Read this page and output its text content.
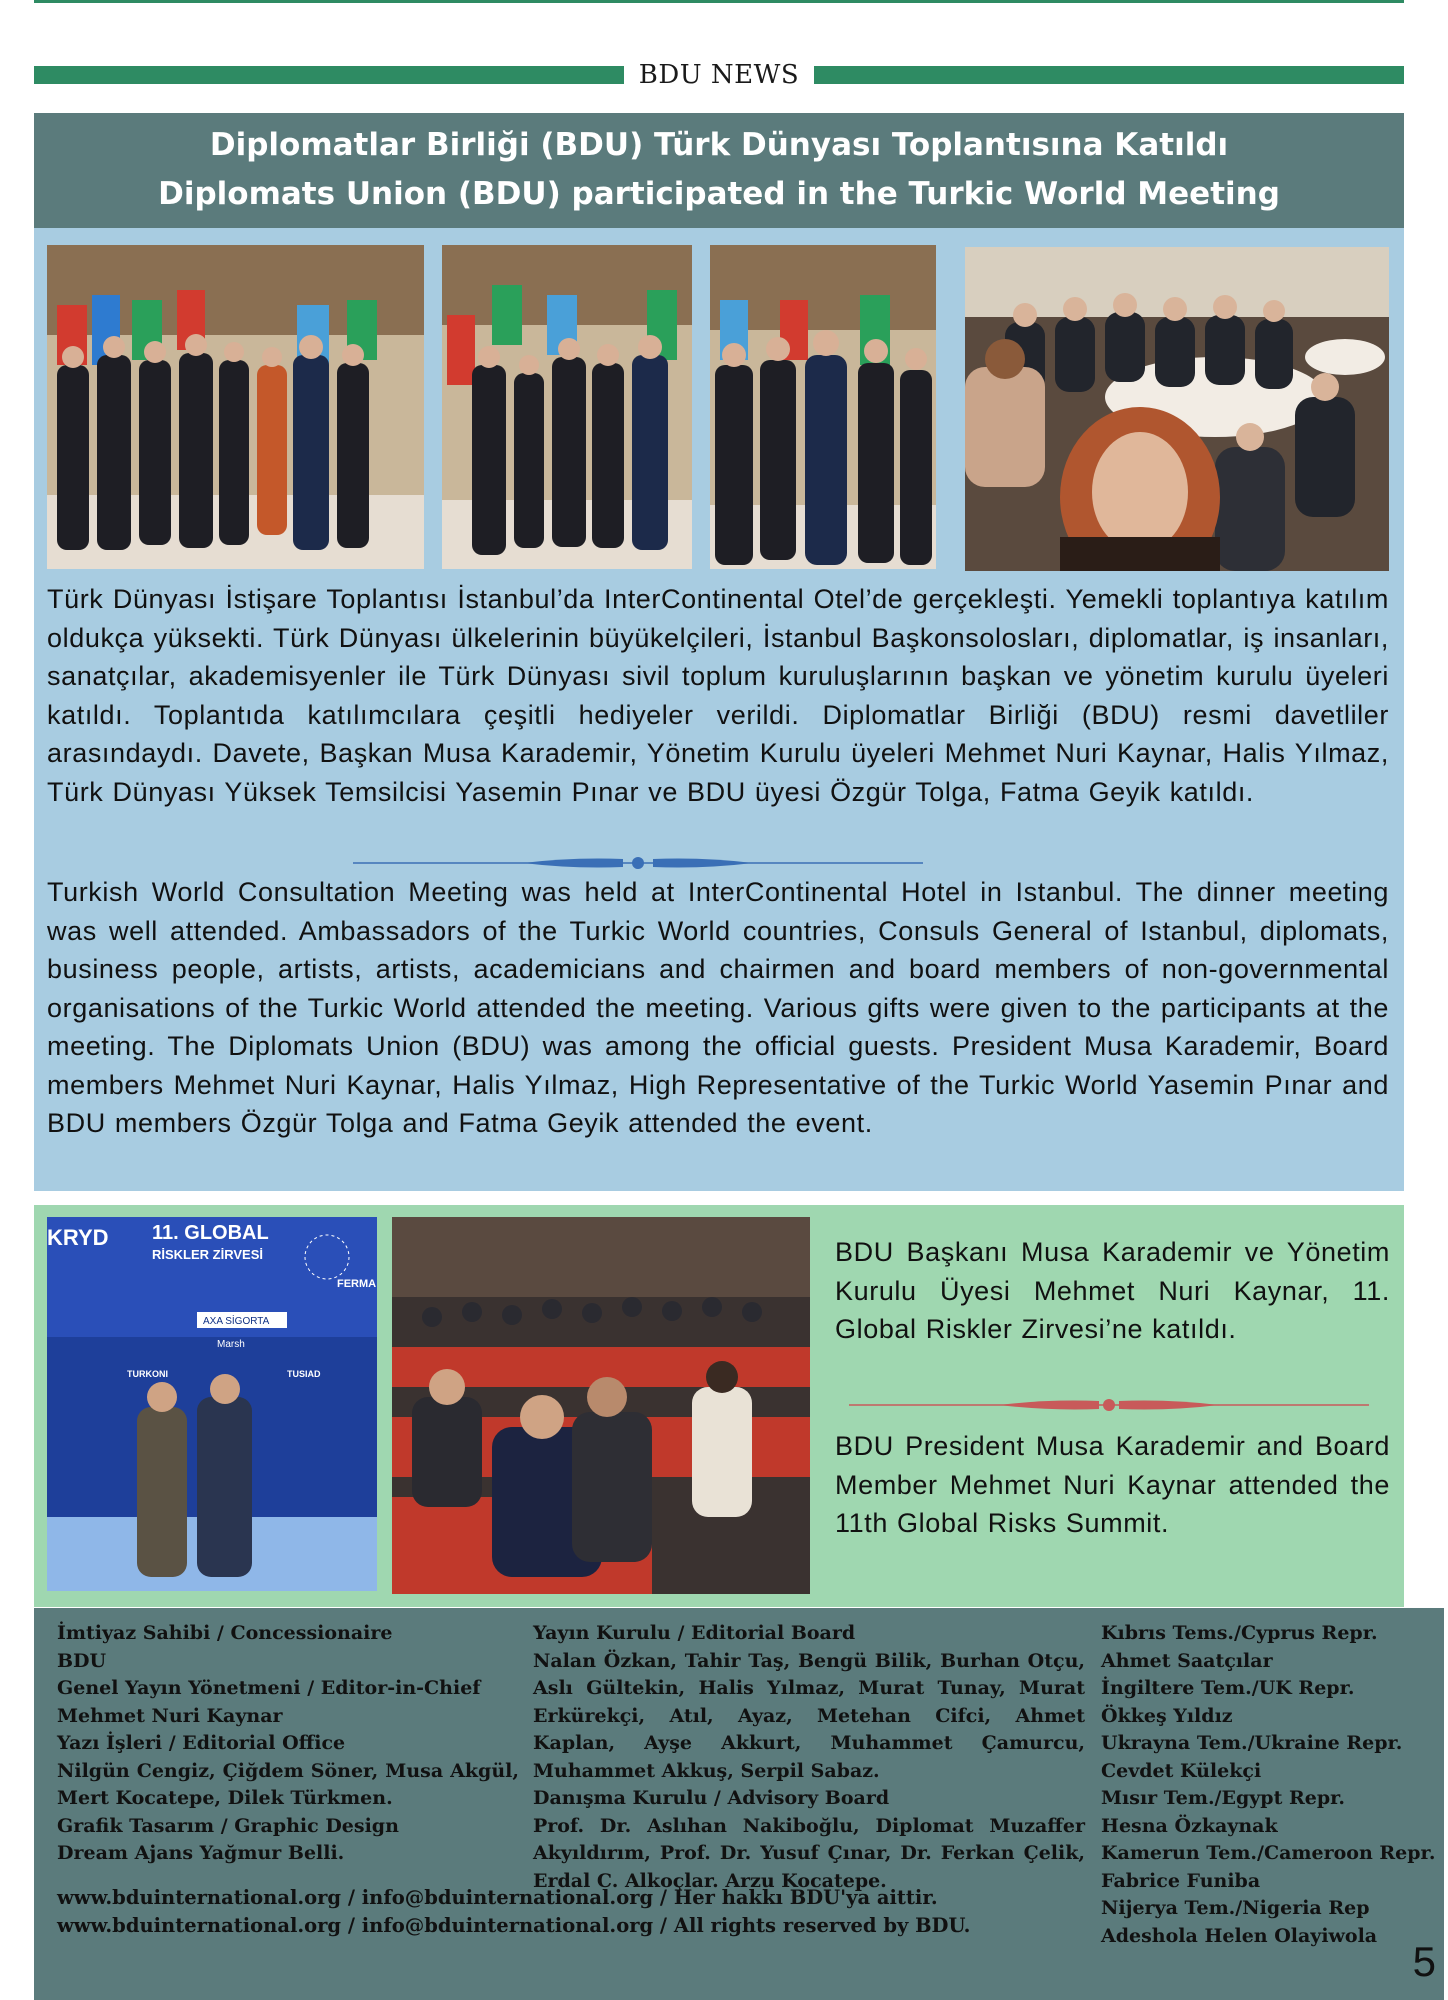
BDU NEWS
Diplomatlar Birliği (BDU) Türk Dünyası Toplantısına Katıldı
Diplomats Union (BDU) participated in the Turkic World Meeting
Türk Dünyası İstişare Toplantısı İstanbul’da InterContinental Otel’de gerçekleşti. Yemekli toplantıya katılım oldukça yüksekti. Türk Dünyası ülkelerinin büyükelçileri, İstanbul Başkonsolosları, diplomatlar, iş insanları, sanatçılar, akademisyenler ile Türk Dünyası sivil toplum kuruluşlarının başkan ve yönetim kurulu üyeleri katıldı. Toplantıda katılımcılara çeşitli hediyeler verildi. Diplomatlar Birliği (BDU) resmi davetliler arasındaydı. Davete, Başkan Musa Karademir, Yönetim Kurulu üyeleri Mehmet Nuri Kaynar, Halis Yılmaz, Türk Dünyası Yüksek Temsilcisi Yasemin Pınar ve BDU üyesi Özgür Tolga, Fatma Geyik katıldı.
Turkish World Consultation Meeting was held at InterContinental Hotel in Istanbul. The dinner meeting was well attended. Ambassadors of the Turkic World countries, Consuls General of Istanbul, diplomats, business people, artists, artists, academicians and chairmen and board members of non-governmental organisations of the Turkic World attended the meeting. Various gifts were given to the participants at the meeting. The Diplomats Union (BDU) was among the official guests. President Musa Karademir, Board members Mehmet Nuri Kaynar, Halis Yılmaz, High Representative of the Turkic World Yasemin Pınar and BDU members Özgür Tolga and Fatma Geyik attended the event.
KRYD 11. GLOBAL
RİSKLER ZİRVESİ
FERMA
AXA SİGORTA
Marsh
TURKONI	TUSIAD
BDU Başkanı Musa Karademir ve Yönetim Kurulu Üyesi Mehmet Nuri Kaynar, 11. Global Riskler Zirvesi’ne katıldı.
BDU President Musa Karademir and Board Member Mehmet Nuri Kaynar attended the 11th Global Risks Summit.
İmtiyaz Sahibi / Concessionaire
BDU
Genel Yayın Yönetmeni / Editor-in-Chief
Mehmet Nuri Kaynar
Yazı İşleri / Editorial Office
Nilgün Cengiz, Çiğdem Söner, Musa Akgül, Mert Kocatepe, Dilek Türkmen.
Grafik Tasarım / Graphic Design
Dream Ajans Yağmur Belli.
Yayın Kurulu / Editorial Board
Nalan Özkan, Tahir Taş, Bengü Bilik, Burhan Otçu, Aslı Gültekin, Halis Yılmaz, Murat Tunay, Murat Erkürekçi, Atıl, Ayaz, Metehan Cifci, Ahmet Kaplan, Ayşe Akkurt, Muhammet Çamurcu, Muhammet Akkuş, Serpil Sabaz.
Danışma Kurulu / Advisory Board
Prof. Dr. Aslıhan Nakiboğlu, Diplomat Muzaffer Akyıldırım, Prof. Dr. Yusuf Çınar, Dr. Ferkan Çelik, Erdal C. Alkoçlar. Arzu Kocatepe.
Kıbrıs Tems./Cyprus Repr.
Ahmet Saatçılar
İngiltere Tem./UK Repr.
Ökkeş Yıldız
Ukrayna Tem./Ukraine Repr.
Cevdet Külekçi
Mısır Tem./Egypt Repr.
Hesna Özkaynak
Kamerun Tem./Cameroon Repr.
Fabrice Funiba
Nijerya Tem./Nigeria Rep
Adeshola Helen Olayiwola
www.bduinternational.org / info@bduinternational.org / Her hakkı BDU'ya aittir.
www.bduinternational.org / info@bduinternational.org / All rights reserved by BDU.
5
